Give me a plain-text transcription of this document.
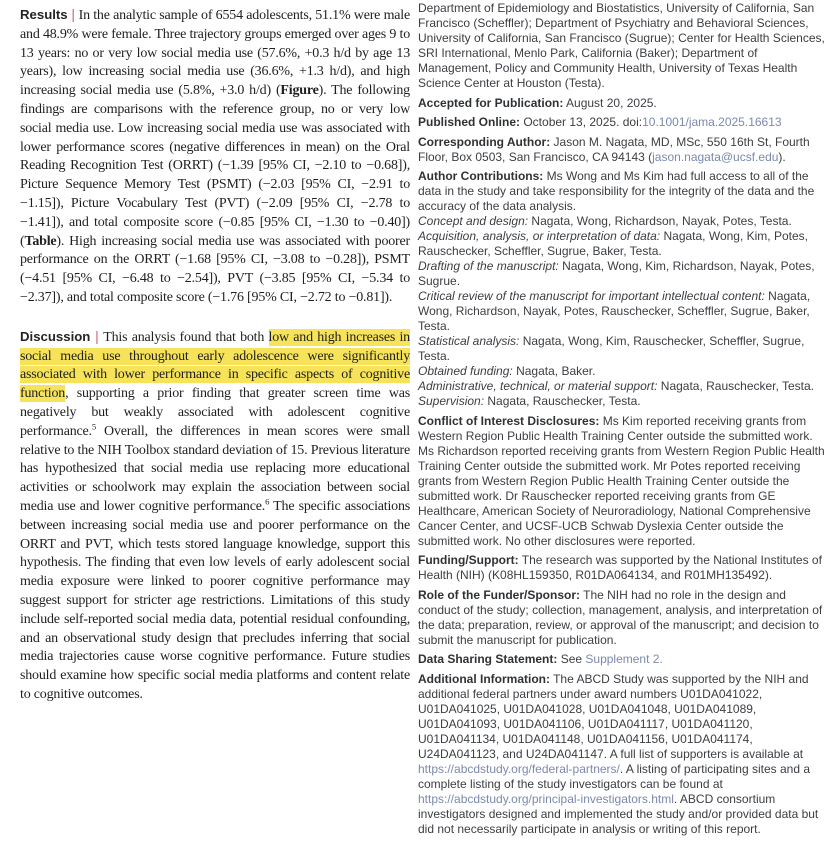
Results | In the analytic sample of 6554 adolescents, 51.1% were male and 48.9% were female. Three trajectory groups emerged over ages 9 to 13 years: no or very low social media use (57.6%, +0.3 h/d by age 13 years), low increasing social media use (36.6%, +1.3 h/d), and high increasing social media use (5.8%, +3.0 h/d) (Figure). The following findings are comparisons with the reference group, no or very low social media use. Low increasing social media use was associated with lower performance scores (negative differences in mean) on the Oral Reading Recognition Test (ORRT) (−1.39 [95% CI, −2.10 to −0.68]), Picture Sequence Memory Test (PSMT) (−2.03 [95% CI, −2.91 to −1.15]), Picture Vocabulary Test (PVT) (−2.09 [95% CI, −2.78 to −1.41]), and total composite score (−0.85 [95% CI, −1.30 to −0.40]) (Table). High increasing social media use was associated with poorer performance on the ORRT (−1.68 [95% CI, −3.08 to −0.28]), PSMT (−4.51 [95% CI, −6.48 to −2.54]), PVT (−3.85 [95% CI, −5.34 to −2.37]), and total composite score (−1.76 [95% CI, −2.72 to −0.81]).

Discussion | This analysis found that both low and high increases in social media use throughout early adolescence were significantly associated with lower performance in specific aspects of cognitive function, supporting a prior finding that greater screen time was negatively but weakly associated with adolescent cognitive performance.$^5$ Overall, the differences in mean scores were small relative to the NIH Toolbox standard deviation of 15. Previous literature has hypothesized that social media use replacing more educational activities or schoolwork may explain the association between social media use and lower cognitive performance.$^6$ The specific associations between increasing social media use and poorer performance on the ORRT and PVT, which tests stored language knowledge, support this hypothesis. The finding that even low levels of early adolescent social media exposure were linked to poorer cognitive performance may suggest support for stricter age restrictions. Limitations of this study include self-reported social media data, potential residual confounding, and an observational study design that precludes inferring that social media trajectories cause worse cognitive performance. Future studies should examine how specific social media platforms and content relate to cognitive outcomes.

Department of Epidemiology and Biostatistics, University of California, San Francisco (Scheffler); Department of Psychiatry and Behavioral Sciences, University of California, San Francisco (Sugrue); Center for Health Sciences, SRI International, Menlo Park, California (Baker); Department of Management, Policy and Community Health, University of Texas Health Science Center at Houston (Testa).

Accepted for Publication: August 20, 2025.

Published Online: October 13, 2025. doi:10.1001/jama.2025.16613

Corresponding Author: Jason M. Nagata, MD, MSc, 550 16th St, Fourth Floor, Box 0503, San Francisco, CA 94143 (jason.nagata@ucsf.edu).

Author Contributions: Ms Wong and Ms Kim had full access to all of the data in the study and take responsibility for the integrity of the data and the accuracy of the data analysis.

Concept and design: Nagata, Wong, Richardson, Nayak, Potes, Testa.

Acquisition, analysis, or interpretation of data: Nagata, Wong, Kim, Potes, Rauschecker, Scheffler, Sugrue, Baker, Testa.

Drafting of the manuscript: Nagata, Wong, Kim, Richardson, Nayak, Potes, Sugrue.

Critical review of the manuscript for important intellectual content: Nagata, Wong, Richardson, Nayak, Potes, Rauschecker, Scheffler, Sugrue, Baker, Testa.

Statistical analysis: Nagata, Wong, Kim, Rauschecker, Scheffler, Sugrue, Testa.

Obtained funding: Nagata, Baker.

Administrative, technical, or material support: Nagata, Rauschecker, Testa.

Supervision: Nagata, Rauschecker, Testa.

Conflict of Interest Disclosures: Ms Kim reported receiving grants from Western Region Public Health Training Center outside the submitted work. Ms Richardson reported receiving grants from Western Region Public Health Training Center outside the submitted work. Mr Potes reported receiving grants from Western Region Public Health Training Center outside the submitted work. Dr Rauschecker reported receiving grants from GE Healthcare, American Society of Neuroradiology, National Comprehensive Cancer Center, and UCSF-UCB Schwab Dyslexia Center outside the submitted work. No other disclosures were reported.

Funding/Support: The research was supported by the National Institutes of Health (NIH) (K08HL159350, R01DA064134, and R01MH135492).

Role of the Funder/Sponsor: The NIH had no role in the design and conduct of the study; collection, management, analysis, and interpretation of the data; preparation, review, or approval of the manuscript; and decision to submit the manuscript for publication.

Data Sharing Statement: See Supplement 2.

Additional Information: The ABCD Study was supported by the NIH and additional federal partners under award numbers U01DA041022, U01DA041025, U01DA041028, U01DA041048, U01DA041089, U01DA041093, U01DA041106, U01DA041117, U01DA041120, U01DA041134, U01DA041148, U01DA041156, U01DA041174, U24DA041123, and U24DA041147. A full list of supporters is available at https://abcdstudy.org/federal-partners/. A listing of participating sites and a complete listing of the study investigators can be found at https://abcdstudy.org/principal-investigators.html. ABCD consortium investigators designed and implemented the study and/or provided data but did not necessarily participate in analysis or writing of this report.
